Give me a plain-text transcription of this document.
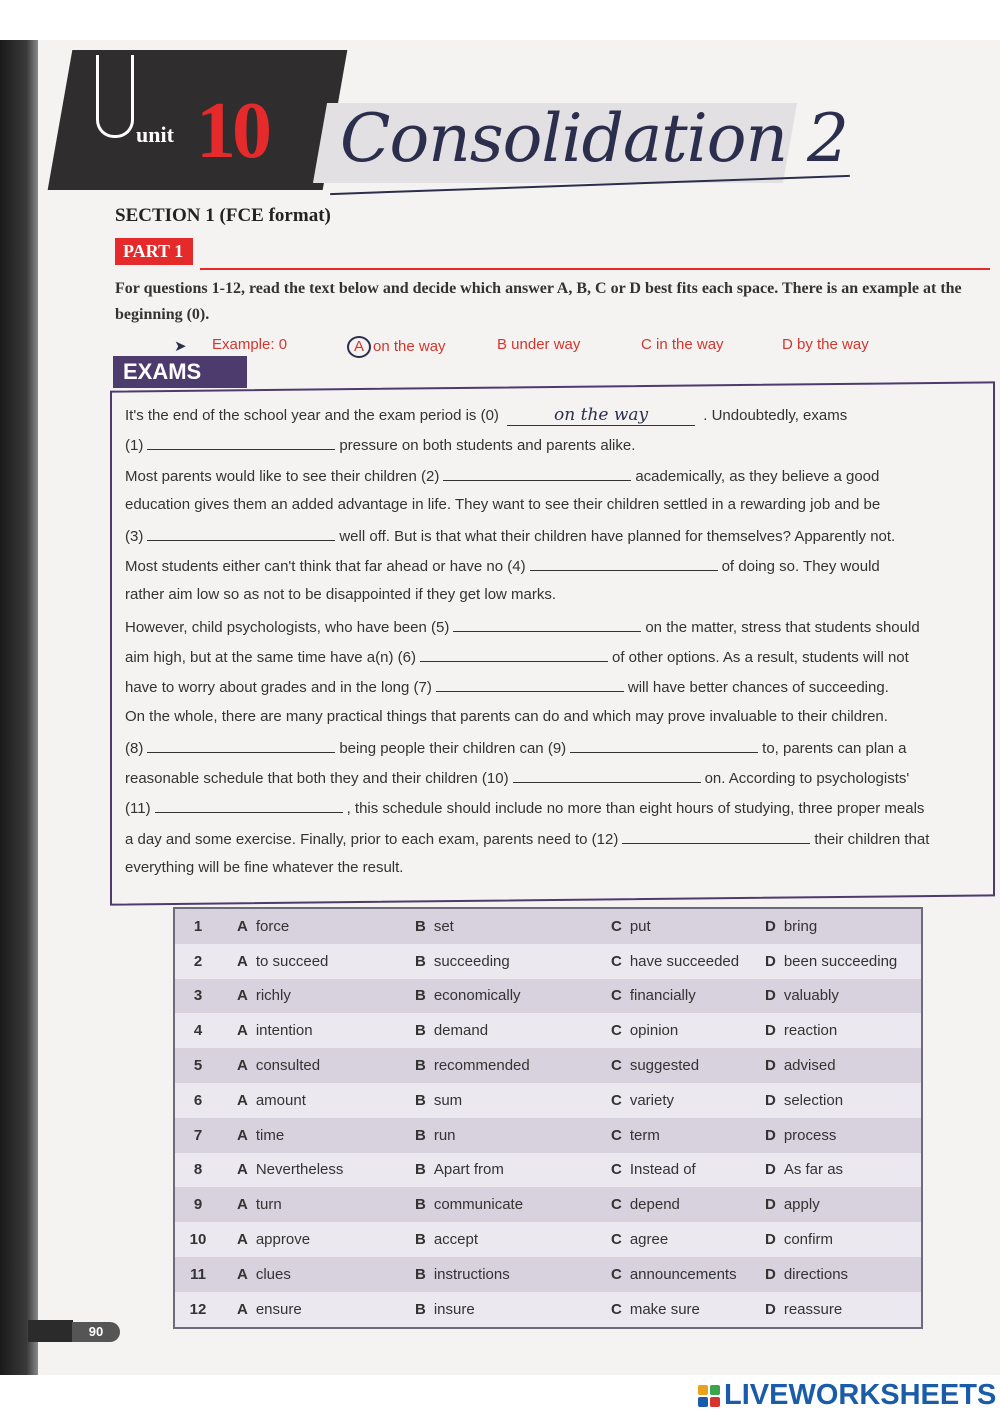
unit 10 Consolidation 2
SECTION 1 (FCE format)
PART 1
For questions 1-12, read the text below and decide which answer A, B, C or D best fits each space. There is an example at the beginning (0).
➤ Example: 0	A on the way	B under way	C in the way	D by the way
EXAMS
It's the end of the school year and the exam period is (0)	on the way	. Undoubtedly, exams
(1)	pressure on both students and parents alike.
Most parents would like to see their children (2)	academically, as they believe a good
education gives them an added advantage in life. They want to see their children settled in a rewarding job and be
(3)	well off. But is that what their children have planned for themselves? Apparently not.
Most students either can't think that far ahead or have no (4)	of doing so. They would
rather aim low so as not to be disappointed if they get low marks.
However, child psychologists, who have been (5)	on the matter, stress that students should
aim high, but at the same time have a(n) (6)	of other options. As a result, students will not
have to worry about grades and in the long (7)	will have better chances of succeeding.
On the whole, there are many practical things that parents can do and which may prove invaluable to their children.
(8)	being people their children can (9)	to, parents can plan a
reasonable schedule that both they and their children (10)	on. According to psychologists'
(11)	, this schedule should include no more than eight hours of studying, three proper meals
a day and some exercise. Finally, prior to each exam, parents need to (12)	their children that
everything will be fine whatever the result.
1	A force	B set	C put	D bring
2	A to succeed	B succeeding	C have succeeded D been succeeding
3	A richly	B economically	C financially	D valuably
4	A intention	B demand	C opinion	D reaction
5	A consulted	B recommended	C suggested	D advised
6	A amount	B sum	C variety	D selection
7	A time	B run	C term	D process
8	A Nevertheless	B Apart from	C Instead of	D As far as
9	A turn	B communicate	C depend	D apply
10	A approve	B accept	C agree	D confirm
11	A clues	B instructions	C announcements D directions
12	A ensure	B insure	C make sure	D reassure
90
LIVEWORKSHEETS
